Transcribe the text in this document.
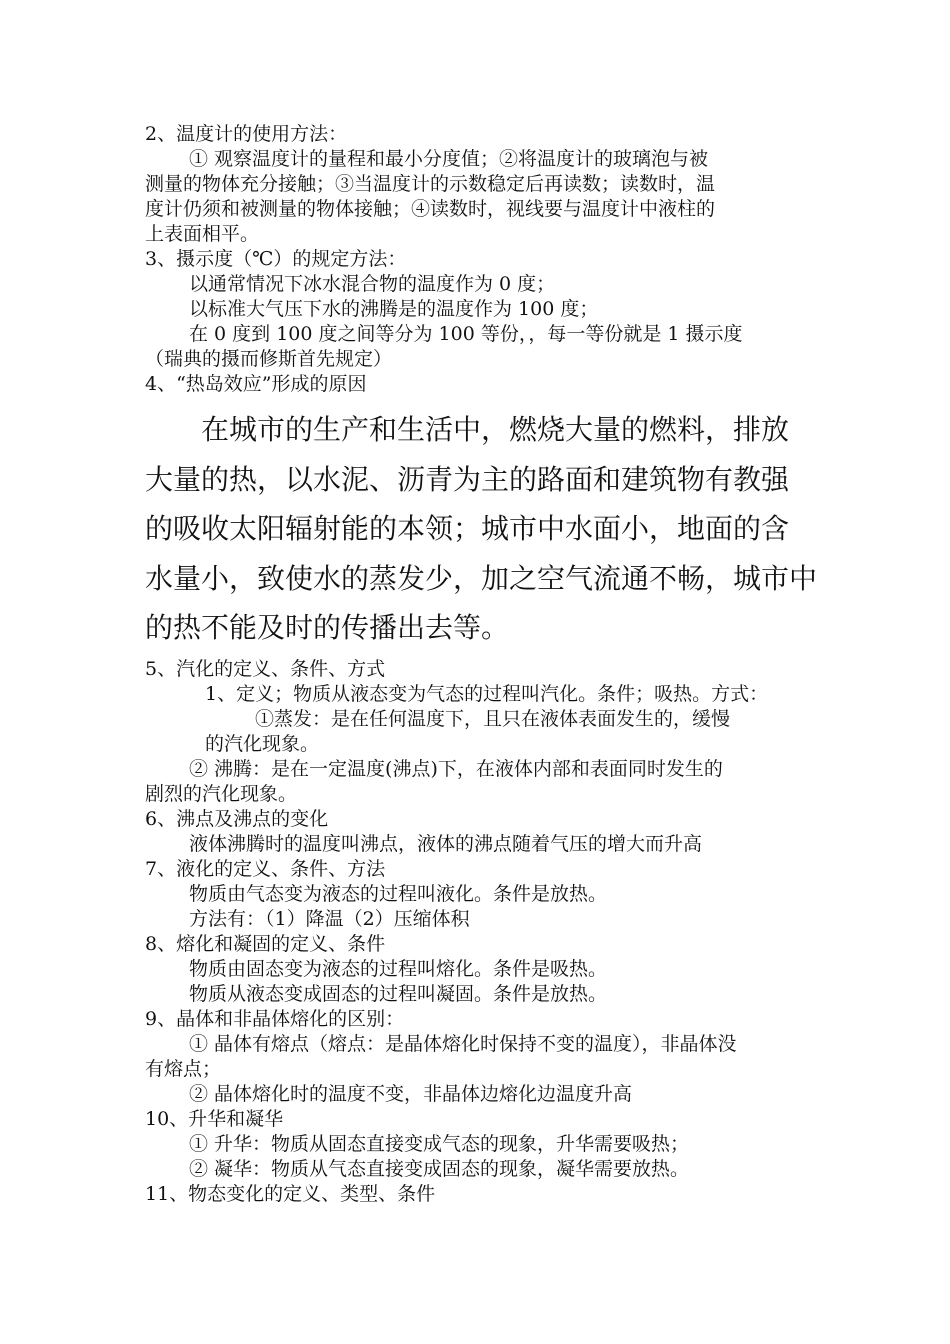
2、温度计的使用方法：
① 观察温度计的量程和最小分度值；②将温度计的玻璃泡与被
测量的物体充分接触；③当温度计的示数稳定后再读数；读数时，温
度计仍须和被测量的物体接触；④读数时，视线要与温度计中液柱的
上表面相平。
3、摄示度（℃）的规定方法：
以通常情况下冰水混合物的温度作为 0 度；
以标准大气压下水的沸腾是的温度作为 100 度；
在 0 度到 100 度之间等分为 100 等份，，每一等份就是 1 摄示度
（瑞典的摄而修斯首先规定）
4、“热岛效应”形成的原因
在城市的生产和生活中，燃烧大量的燃料，排放
大量的热，以水泥、沥青为主的路面和建筑物有教强
的吸收太阳辐射能的本领；城市中水面小，地面的含
水量小，致使水的蒸发少，加之空气流通不畅，城市中
的热不能及时的传播出去等。
5、汽化的定义、条件、方式
1、定义；物质从液态变为气态的过程叫汽化。条件；吸热。方式：
①蒸发：是在任何温度下，且只在液体表面发生的，缓慢
的汽化现象。
② 沸腾：是在一定温度(沸点)下，在液体内部和表面同时发生的
剧烈的汽化现象。
6、沸点及沸点的变化
液体沸腾时的温度叫沸点，液体的沸点随着气压的增大而升高
7、液化的定义、条件、方法
物质由气态变为液态的过程叫液化。条件是放热。
方法有：（1）降温（2）压缩体积
8、熔化和凝固的定义、条件
物质由固态变为液态的过程叫熔化。条件是吸热。
物质从液态变成固态的过程叫凝固。条件是放热。
9、晶体和非晶体熔化的区别：
① 晶体有熔点（熔点：是晶体熔化时保持不变的温度），非晶体没
有熔点；
② 晶体熔化时的温度不变，非晶体边熔化边温度升高
10、升华和凝华
① 升华：物质从固态直接变成气态的现象，升华需要吸热；
② 凝华：物质从气态直接变成固态的现象，凝华需要放热。
11、物态变化的定义、类型、条件
